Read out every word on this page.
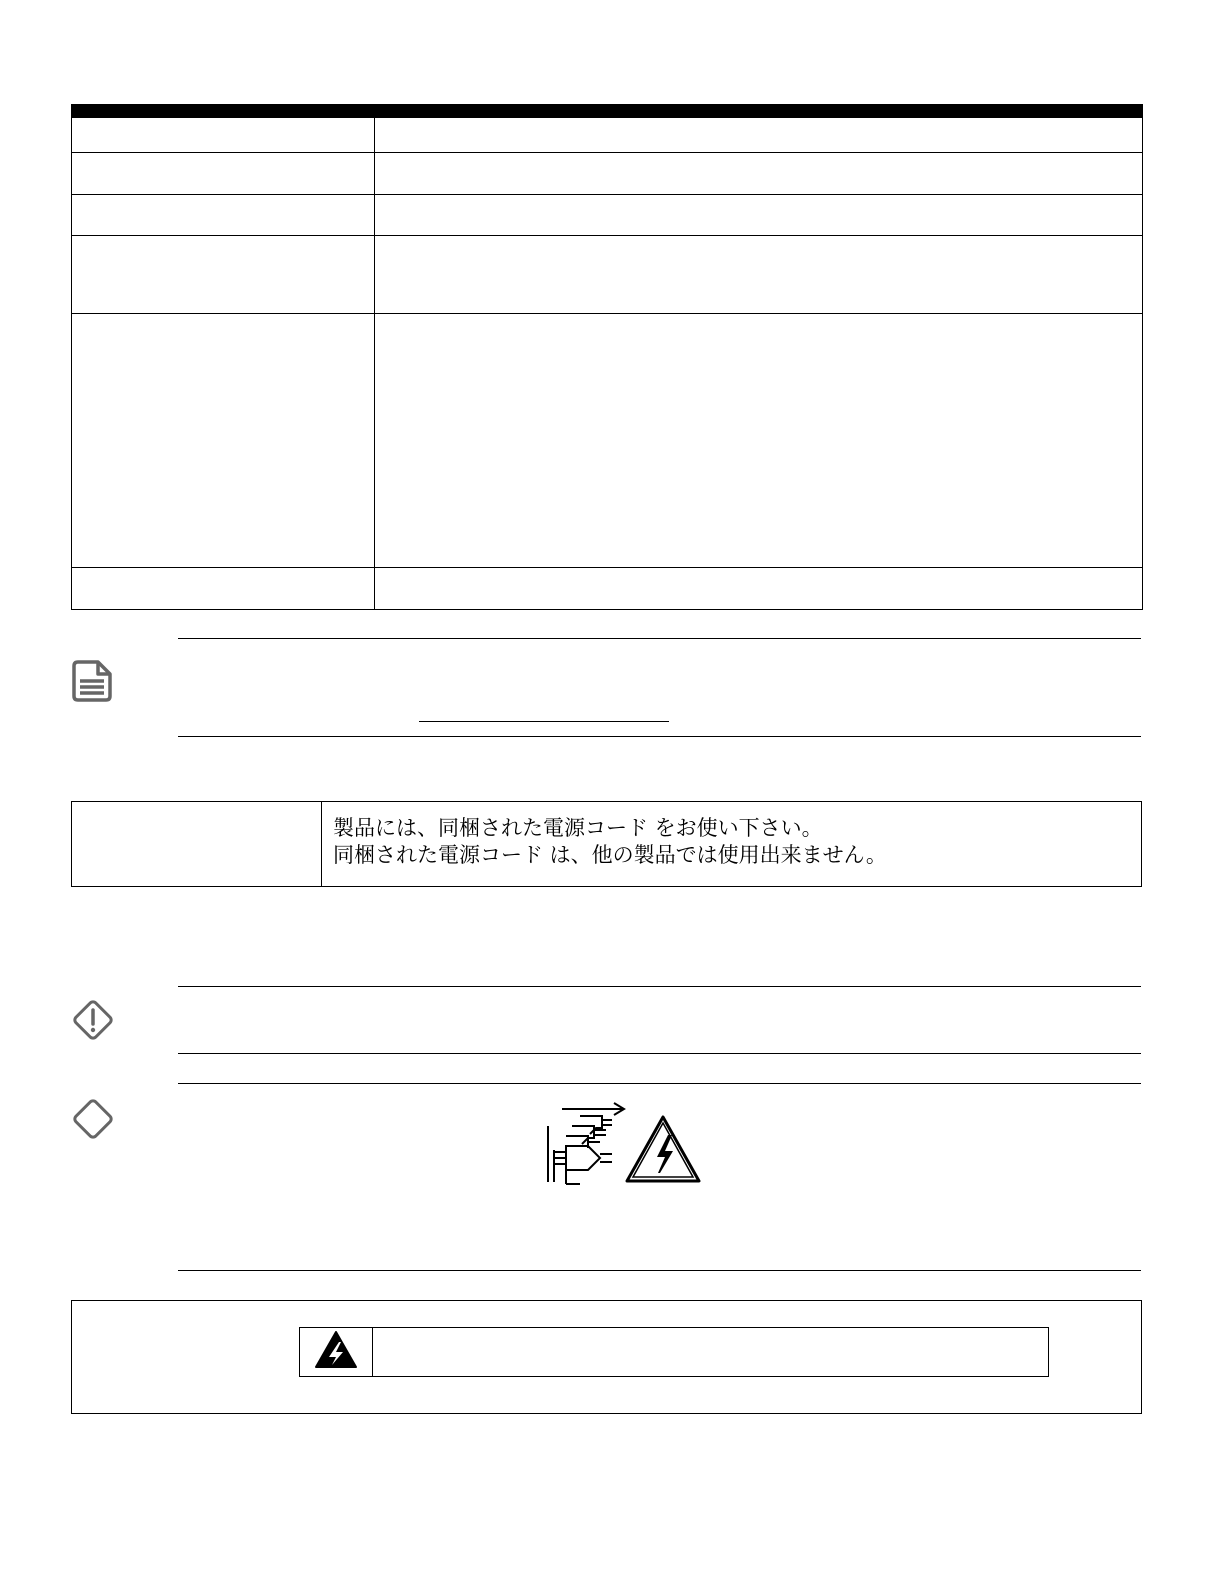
製品には、同梱された電源コード をお使い下さい。
同梱された電源コード は、他の製品では使用出来ません。
